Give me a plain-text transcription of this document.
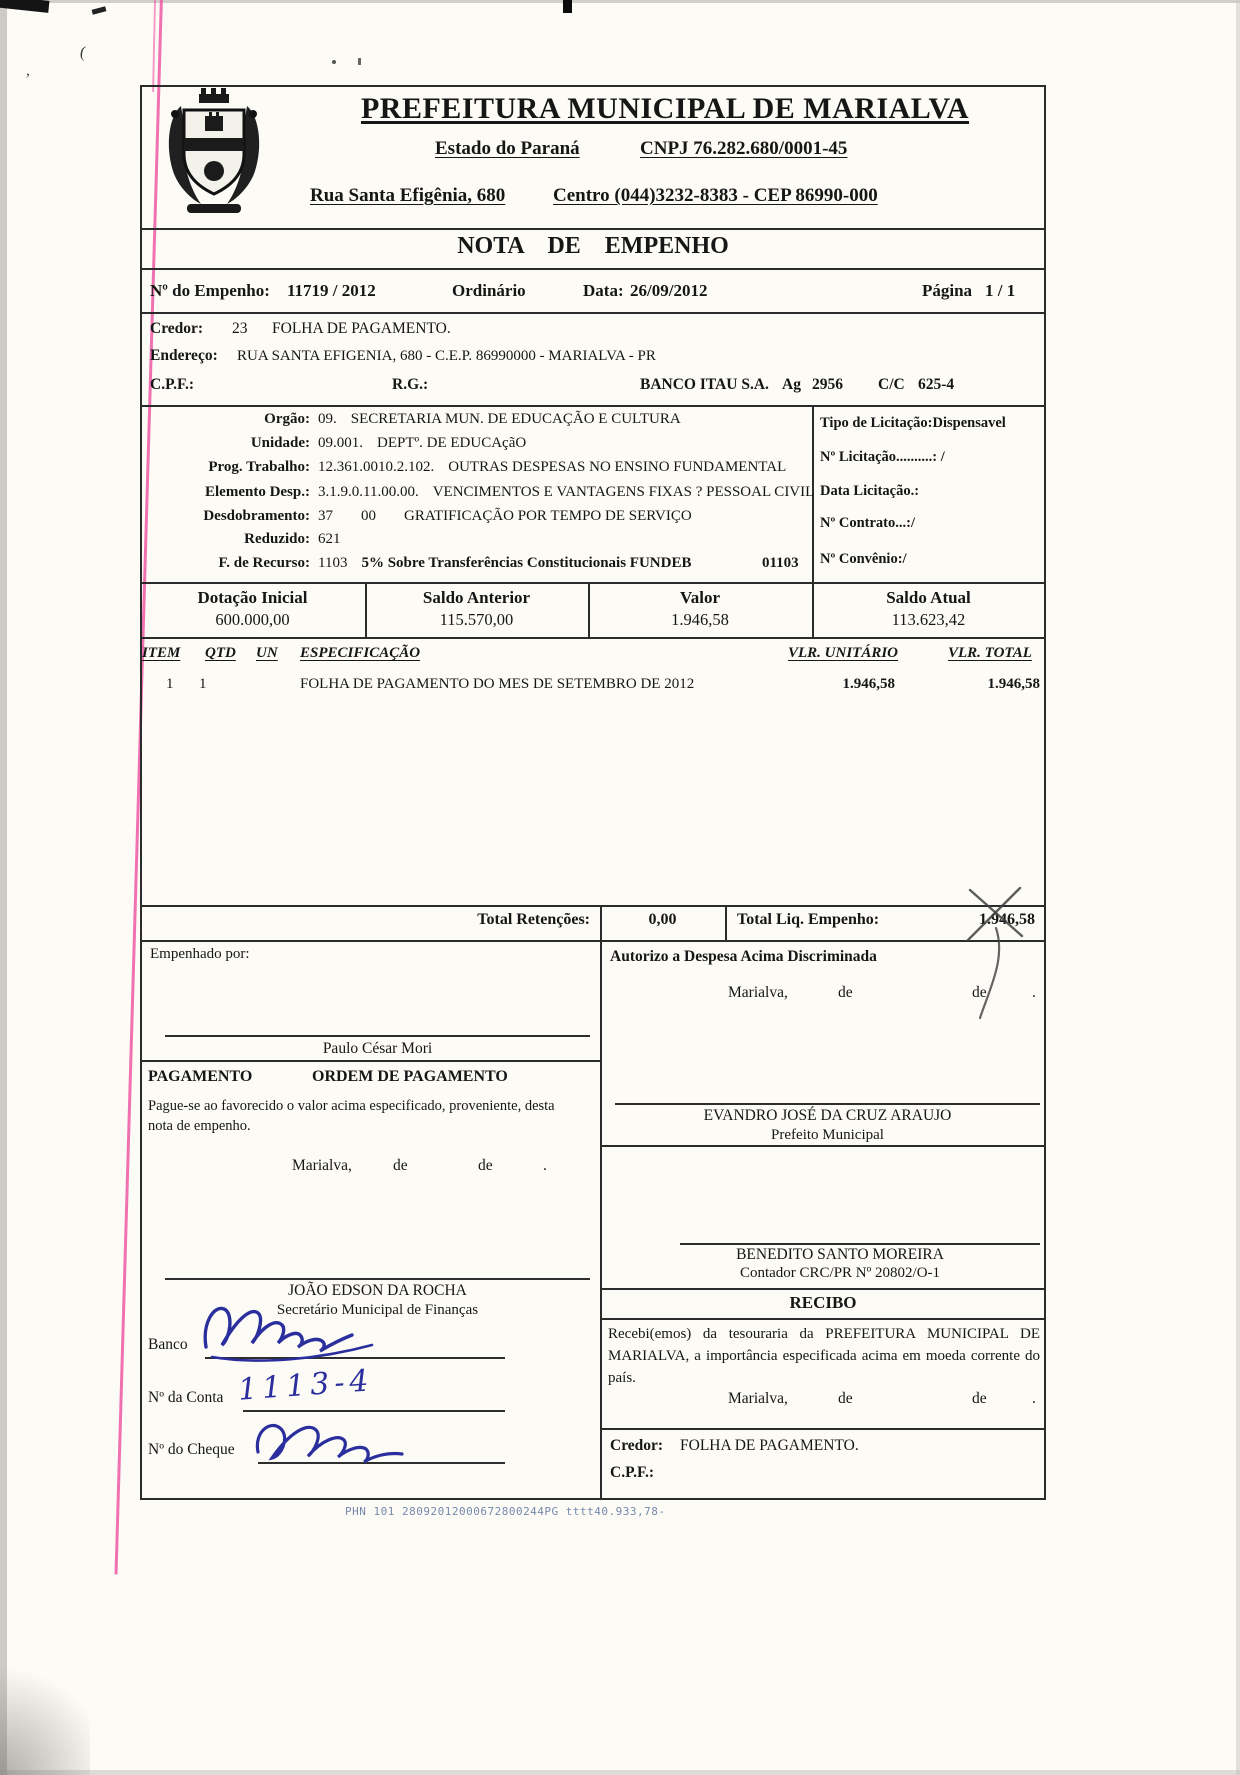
(
,
PREFEITURA MUNICIPAL DE MARIALVA
Estado do Paraná	CNPJ 76.282.680/0001-45
Rua Santa Efigênia, 680	Centro (044)3232-8383 - CEP 86990-000
NOTA DE EMPENHO
Nº do Empenho: 11719 / 2012	Ordinário	Data: 26/09/2012	Página 1 / 1
Credor: 23 FOLHA DE PAGAMENTO.
Endereço: RUA SANTA EFIGENIA, 680 - C.E.P. 86990000 - MARIALVA - PR
C.P.F.:	R.G.:	BANCO ITAU S.A. Ag 2956 C/C 625-4
Orgão: 09. SECRETARIA MUN. DE EDUCAÇÃO E CULTURA
Unidade: 09.001. DEPTº. DE EDUCAçãO
Prog. Trabalho: 12.361.0010.2.102. OUTRAS DESPESAS NO ENSINO FUNDAMENTAL
Elemento Desp.: 3.1.9.0.11.00.00. VENCIMENTOS E VANTAGENS FIXAS ? PESSOAL CIVIL
Desdobramento: 37 00 GRATIFICAÇÃO POR TEMPO DE SERVIÇO
Reduzido: 621
F. de Recurso: 1103 5% Sobre Transferências Constitucionais FUNDEB	01103
Tipo de Licitação:Dispensavel
Nº Licitação..........: /
Data Licitação.:
Nº Contrato...:/
Nº Convênio:/
Dotação Inicial
600.000,00
Saldo Anterior
115.570,00
Valor
1.946,58
Saldo Atual
113.623,42
ITEM QTD UN ESPECIFICAÇÃO	VLR. UNITÁRIO	VLR. TOTAL
1 1	FOLHA DE PAGAMENTO DO MES DE SETEMBRO DE 2012	1.946,58	1.946,58
Total Retenções:	0,00	Total Liq. Empenho:	1.946,58
Empenhado por:
Paulo César Mori
PAGAMENTO	ORDEM DE PAGAMENTO
Pague-se ao favorecido o valor acima especificado, proveniente, desta nota de empenho.
Marialva,	de	de	.
JOÃO EDSON DA ROCHA
Secretário Municipal de Finanças
Banco
Nº da Conta 1113-4
Nº do Cheque
Autorizo a Despesa Acima Discriminada
Marialva,	de	de	.
EVANDRO JOSÉ DA CRUZ ARAUJO
Prefeito Municipal
BENEDITO SANTO MOREIRA
Contador CRC/PR Nº 20802/O-1
RECIBO
Recebi(emos) da tesouraria da PREFEITURA MUNICIPAL DE MARIALVA, a importância especificada acima em moeda corrente do país.
Marialva,	de	de	.
Credor: FOLHA DE PAGAMENTO.
C.P.F.:
PHN 101 28092012000672800244PG tttt40.933,78-
